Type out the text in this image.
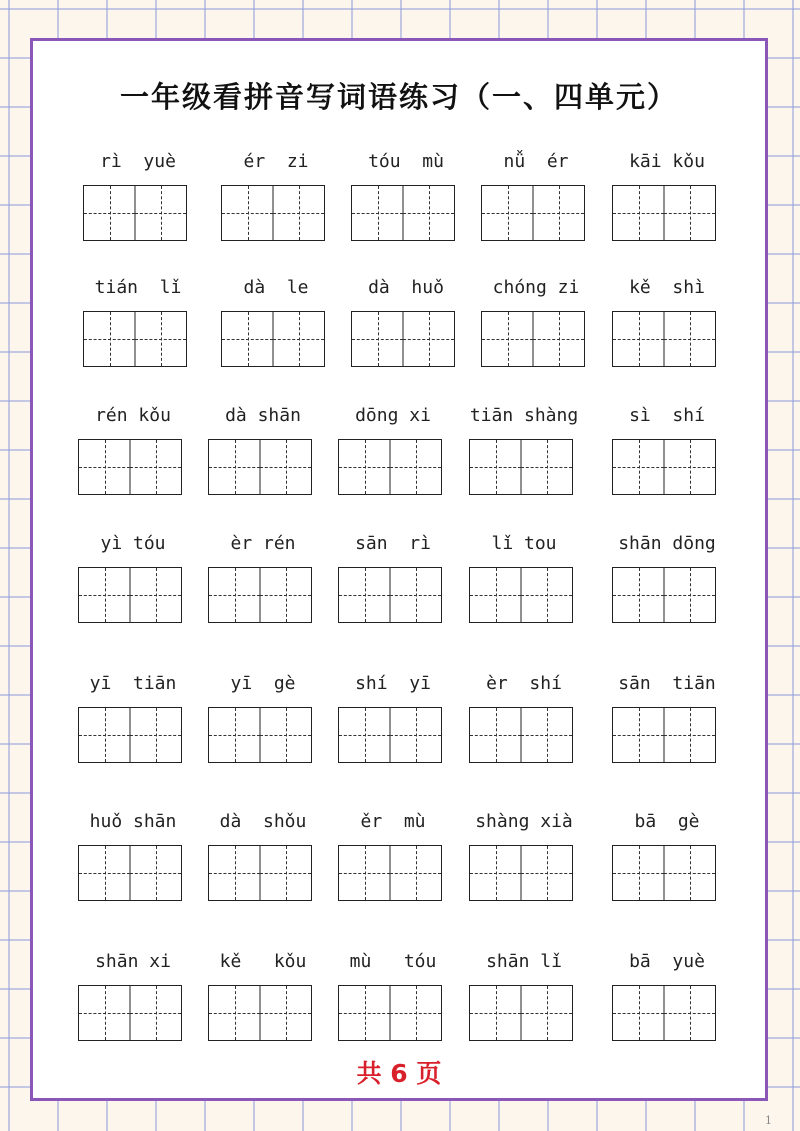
一年级看拼音写词语练习（一、四单元）
rì  yuè	ér  zi	tóu  mù	nǚ  ér	kāi kǒu
tián  lǐ	dà  le	dà  huǒ	chóng zi	kě  shì
rén kǒu	dà shān	dōng xi	tiān shàng	sì  shí
yì tóu	èr rén	sān  rì	lǐ tou	shān dōng
yī  tiān	yī  gè	shí  yī	èr  shí	sān  tiān
huǒ shān	dà  shǒu	ěr  mù	shàng xià	bā  gè
shān xi	kě   kǒu	mù   tóu	shān lǐ	bā  yuè
共 6 页
1
